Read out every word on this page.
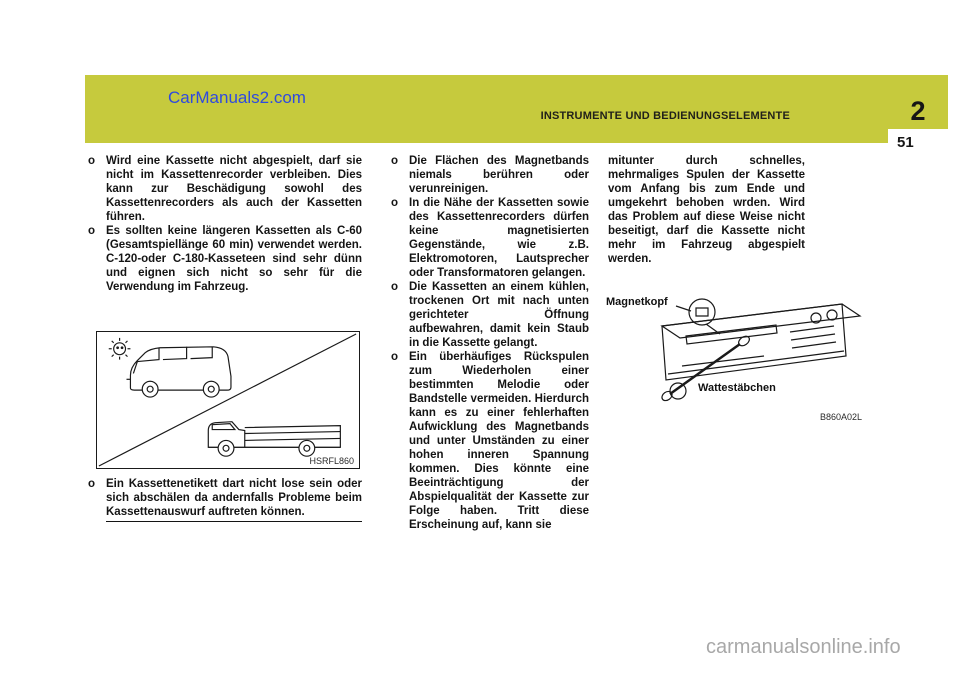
INSTRUMENTE UND BEDIENUNGSELEMENTE	2
51
CarManuals2.com
carmanualsonline.info
o Wird eine Kassette nicht abgespielt, darf sie nicht im Kassettenrecorder verbleiben. Dies kann zur Beschädigung sowohl des Kassettenrecorders als auch der Kassetten führen.
o Es sollten keine längeren Kassetten als C-60 (Gesamtspiellänge 60 min) verwendet werden. C-120-oder C-180-Kasseteen sind sehr dünn und eignen sich nicht so sehr für die Verwendung im Fahrzeug.
HSRFL860
o Ein Kassettenetikett dart nicht lose sein oder sich abschälen da andernfalls Probleme beim Kassettenauswurf auftreten können.
o Die Flächen des Magnetbands niemals berühren oder verunreinigen.
o In die Nähe der Kassetten sowie des Kassettenrecorders dürfen keine magnetisierten Gegenstände, wie z.B. Elektromotoren, Lautsprecher oder Transformatoren gelangen.
o Die Kassetten an einem kühlen, trockenen Ort mit nach unten gerichteter Öffnung aufbewahren, damit kein Staub in die Kassette gelangt.
o Ein überhäufiges Rückspulen zum Wiederholen einer bestimmten Melodie oder Bandstelle vermeiden. Hierdurch kann es zu einer fehlerhaften Aufwicklung des Magnetbands und unter Umständen zu einer hohen inneren Spannung kommen. Dies könnte eine Beeinträchtigung der Abspielqualität der Kassette zur Folge haben. Tritt diese Erscheinung auf, kann sie
mitunter durch schnelles, mehrmaliges Spulen der Kassette vom Anfang bis zum Ende und umgekehrt behoben wrden. Wird das Problem auf diese Weise nicht beseitigt, darf die Kassette nicht mehr im Fahrzeug abgespielt werden.
Magnetkopf
Wattestäbchen
B860A02L
